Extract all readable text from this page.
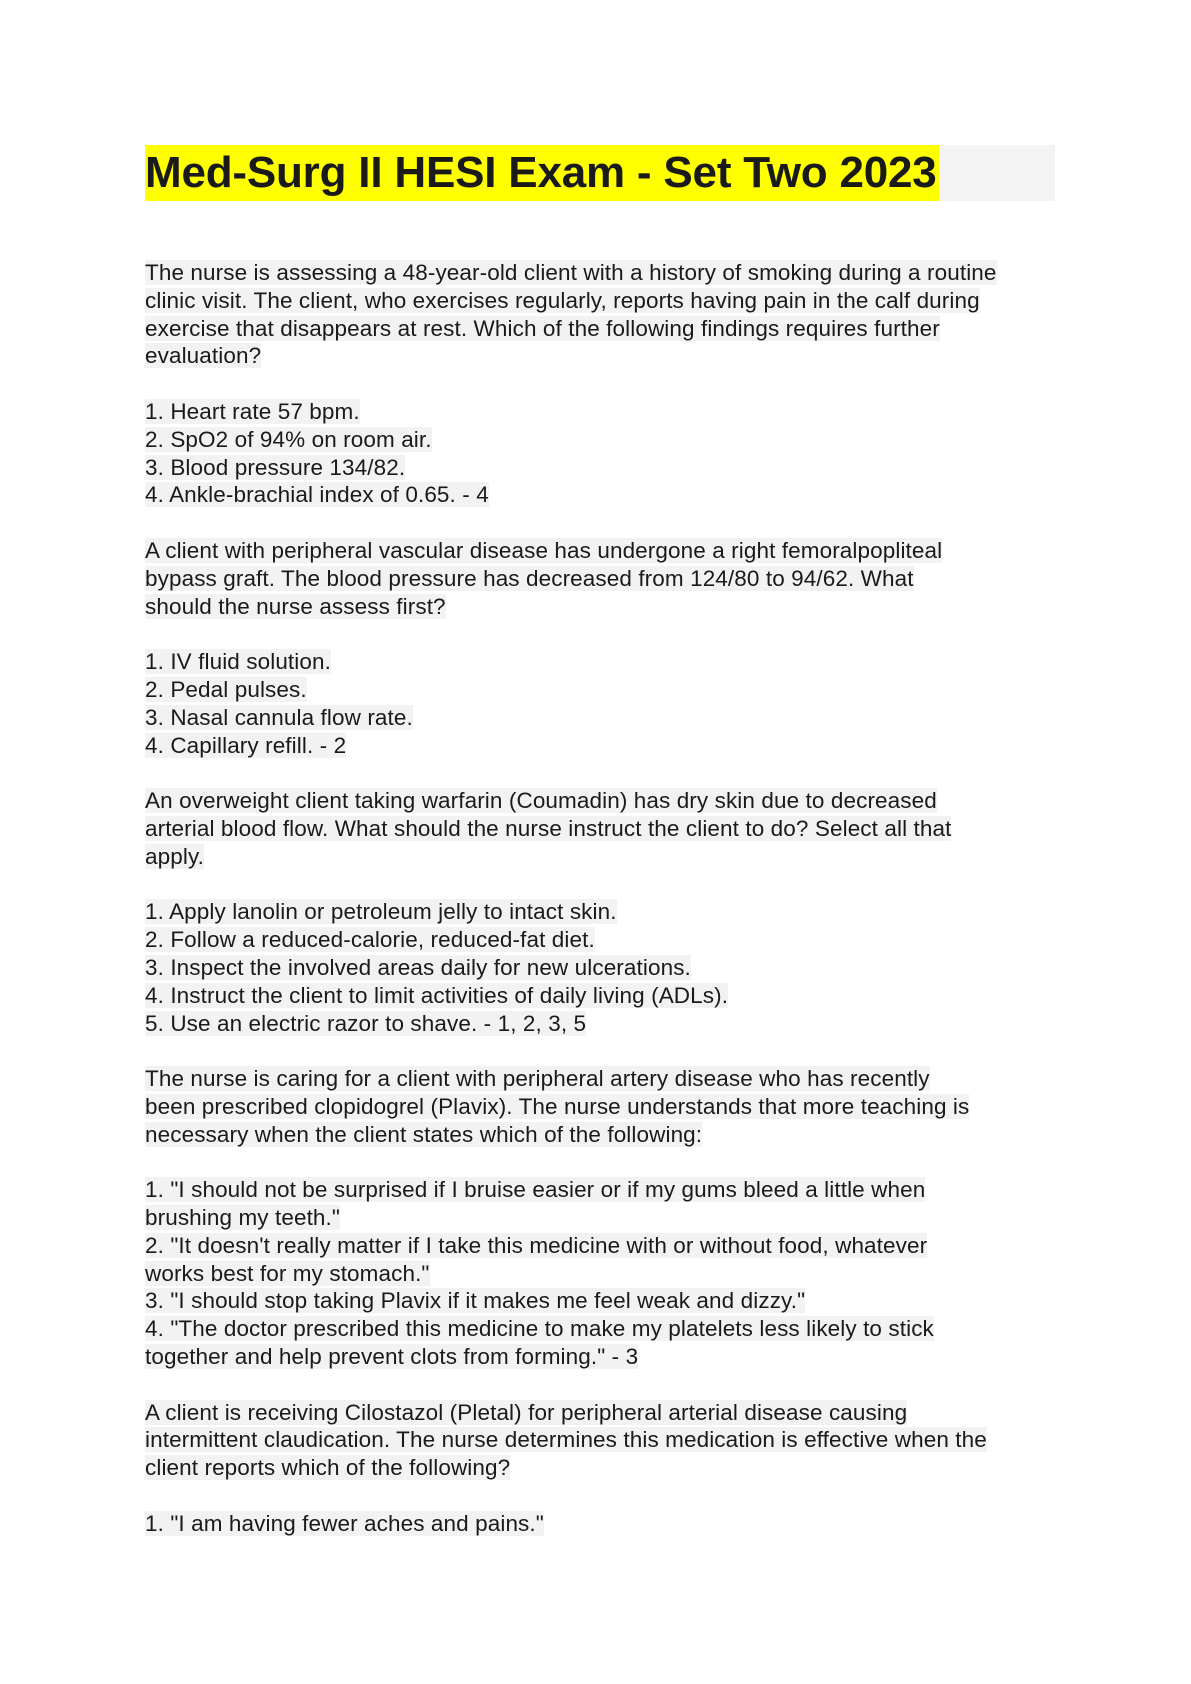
Med-Surg II HESI Exam - Set Two 2023
The nurse is assessing a 48-year-old client with a history of smoking during a routine
clinic visit. The client, who exercises regularly, reports having pain in the calf during
exercise that disappears at rest. Which of the following findings requires further
evaluation?
1. Heart rate 57 bpm.
2. SpO2 of 94% on room air.
3. Blood pressure 134/82.
4. Ankle-brachial index of 0.65. - 4
A client with peripheral vascular disease has undergone a right femoralpopliteal
bypass graft. The blood pressure has decreased from 124/80 to 94/62. What
should the nurse assess first?
1. IV fluid solution.
2. Pedal pulses.
3. Nasal cannula flow rate.
4. Capillary refill. - 2
An overweight client taking warfarin (Coumadin) has dry skin due to decreased
arterial blood flow. What should the nurse instruct the client to do? Select all that
apply.
1. Apply lanolin or petroleum jelly to intact skin.
2. Follow a reduced-calorie, reduced-fat diet.
3. Inspect the involved areas daily for new ulcerations.
4. Instruct the client to limit activities of daily living (ADLs).
5. Use an electric razor to shave. - 1, 2, 3, 5
The nurse is caring for a client with peripheral artery disease who has recently
been prescribed clopidogrel (Plavix). The nurse understands that more teaching is
necessary when the client states which of the following:
1. "I should not be surprised if I bruise easier or if my gums bleed a little when
brushing my teeth."
2. "It doesn't really matter if I take this medicine with or without food, whatever
works best for my stomach."
3. "I should stop taking Plavix if it makes me feel weak and dizzy."
4. "The doctor prescribed this medicine to make my platelets less likely to stick
together and help prevent clots from forming." - 3
A client is receiving Cilostazol (Pletal) for peripheral arterial disease causing
intermittent claudication. The nurse determines this medication is effective when the
client reports which of the following?
1. "I am having fewer aches and pains."
